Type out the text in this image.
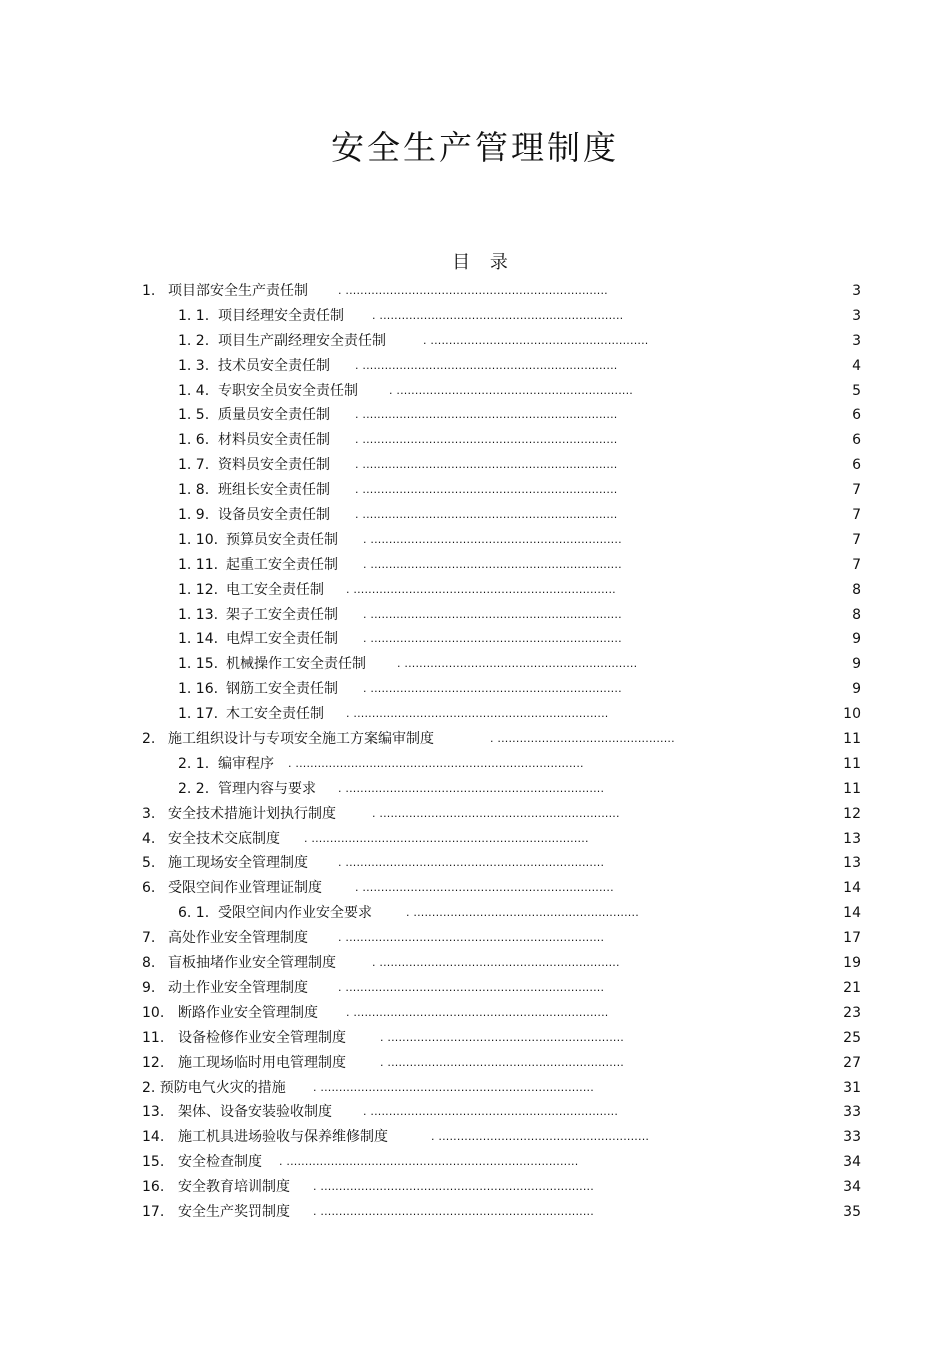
安全生产管理制度
目 录
1. 项目部安全生产责任制	. .......................................................................	3
1. 1. 项目经理安全责任制	. ..................................................................	3
1. 2. 项目生产副经理安全责任制	. ...........................................................	3
1. 3. 技术员安全责任制 . .....................................................................	4
1. 4. 专职安全员安全责任制	. ................................................................	5
1. 5. 质量员安全责任制 . .....................................................................	6
1. 6. 材料员安全责任制 . .....................................................................	6
1. 7. 资料员安全责任制 . .....................................................................	6
1. 8. 班组长安全责任制 . .....................................................................	7
1. 9. 设备员安全责任制 . .....................................................................	7
1. 10. 预算员安全责任制 . ....................................................................	7
1. 11. 起重工安全责任制 . ....................................................................	7
1. 12. 电工安全责任制 . .......................................................................	8
1. 13. 架子工安全责任制 . ....................................................................	8
1. 14. 电焊工安全责任制 . ....................................................................	9
1. 15. 机械操作工安全责任制	. ...............................................................	9
1. 16. 钢筋工安全责任制 . ....................................................................	9
1. 17. 木工安全责任制 . .....................................................................	10
2. 施工组织设计与专项安全施工方案编审制度	. ................................................	11
2. 1. 编审程序 . ..............................................................................	11
2. 2. 管理内容与要求 . ......................................................................	11
3. 安全技术措施计划执行制度	. .................................................................	12
4. 安全技术交底制度 . ...........................................................................	13
5. 施工现场安全管理制度	. ......................................................................	13
6. 受限空间作业管理证制度	. ....................................................................	14
6. 1. 受限空间内作业安全要求	. .............................................................	14
7. 高处作业安全管理制度	. ......................................................................	17
8. 盲板抽堵作业安全管理制度	. .................................................................	19
9. 动土作业安全管理制度	. ......................................................................	21
10. 断路作业安全管理制度	. .....................................................................	23
11. 设备检修作业安全管理制度	. ................................................................	25
12. 施工现场临时用电管理制度	. ................................................................	27
2. 预防电气火灾的措施 . ..........................................................................	31
13. 架体、设备安装验收制度	. ...................................................................	33
14. 施工机具进场验收与保养维修制度	. .........................................................	33
15. 安全检查制度 . ...............................................................................	34
16. 安全教育培训制度 . ..........................................................................	34
17. 安全生产奖罚制度 . ..........................................................................	35
